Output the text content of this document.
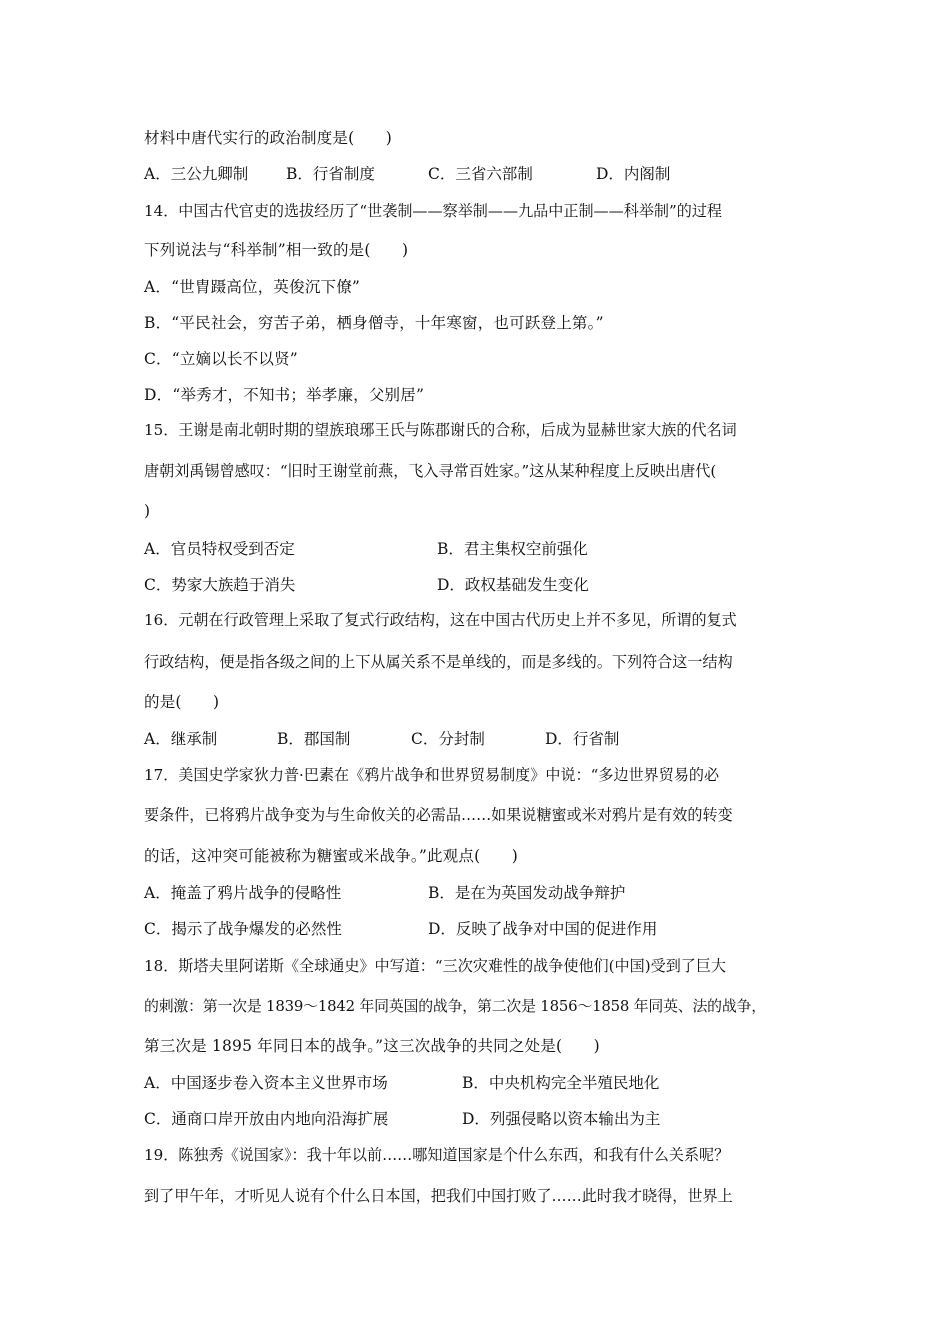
材料中唐代实行的政治制度是(　　)
A．三公九卿制 B．行省制度	C．三省六部制	D．内阁制
14．中国古代官吏的选拔经历了“世袭制——察举制——九品中正制——科举制”的过程
下列说法与“科举制”相一致的是(　　)
A．“世胄蹑高位，英俊沉下僚”
B．“平民社会，穷苦子弟，栖身僧寺，十年寒窗，也可跃登上第。”
C．“立嫡以长不以贤”
D．“举秀才，不知书；举孝廉，父别居”
15．王谢是南北朝时期的望族琅琊王氏与陈郡谢氏的合称，后成为显赫世家大族的代名词
唐朝刘禹锡曾感叹：“旧时王谢堂前燕，飞入寻常百姓家。”这从某种程度上反映出唐代(
)
A．官员特权受到否定	B．君主集权空前强化
C．势家大族趋于消失	D．政权基础发生变化
16．元朝在行政管理上采取了复式行政结构，这在中国古代历史上并不多见，所谓的复式
行政结构，便是指各级之间的上下从属关系不是单线的，而是多线的。下列符合这一结构
的是(　　)
A．继承制	B．郡国制	C．分封制	D．行省制
17．美国史学家狄力普·巴素在《鸦片战争和世界贸易制度》中说：“多边世界贸易的必
要条件，已将鸦片战争变为与生命攸关的必需品……如果说糖蜜或米对鸦片是有效的转变
的话，这冲突可能被称为糖蜜或米战争。”此观点(　　)
A．掩盖了鸦片战争的侵略性	B．是在为英国发动战争辩护
C．揭示了战争爆发的必然性	D．反映了战争对中国的促进作用
18．斯塔夫里阿诺斯《全球通史》中写道：“三次灾难性的战争使他们(中国)受到了巨大
的刺激：第一次是 1839～1842 年同英国的战争，第二次是 1856～1858 年同英、法的战争，
第三次是 1895 年同日本的战争。”这三次战争的共同之处是(　　)
A．中国逐步卷入资本主义世界市场	B．中央机构完全半殖民地化
C．通商口岸开放由内地向沿海扩展	D．列强侵略以资本输出为主
19．陈独秀《说国家》：我十年以前……哪知道国家是个什么东西，和我有什么关系呢？
到了甲午年，才听见人说有个什么日本国，把我们中国打败了……此时我才晓得，世界上
